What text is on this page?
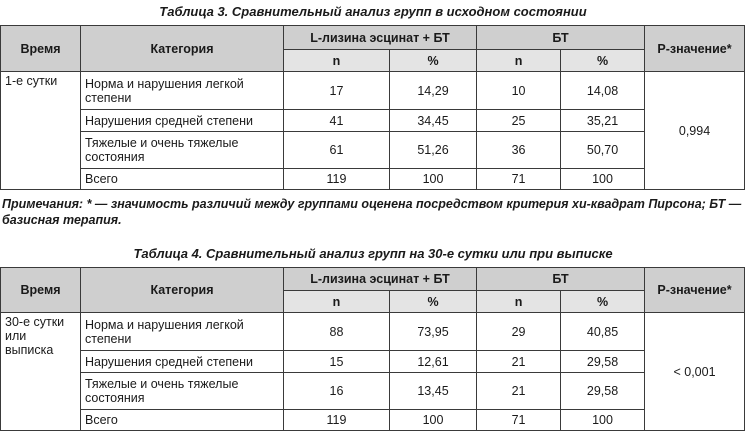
Таблица 3. Сравнительный анализ групп в исходном состоянии
Время	Категория	L-лизина эсцинат + БТ		БТ		P-значение*
		n	%	n	%	
1-е сутки	Норма и нарушения легкой степени	17	14,29	10	14,08	0,994
	Нарушения средней степени	41	34,45	25	35,21	
	Тяжелые и очень тяжелые состояния	61	51,26	36	50,70	
	Всего	119	100	71	100	
Примечания: * — значимость различий между группами оценена посредством критерия хи-квадрат Пирсона; БТ — базисная терапия.
Таблица 4. Сравнительный анализ групп на 30-е сутки или при выписке
Время	Категория	L-лизина эсцинат + БТ		БТ		P-значение*
		n	%	n	%	
30-е сутки или выписка	Норма и нарушения легкой степени	88	73,95	29	40,85	< 0,001
	Нарушения средней степени	15	12,61	21	29,58	
	Тяжелые и очень тяжелые состояния	16	13,45	21	29,58	
	Всего	119	100	71	100	
